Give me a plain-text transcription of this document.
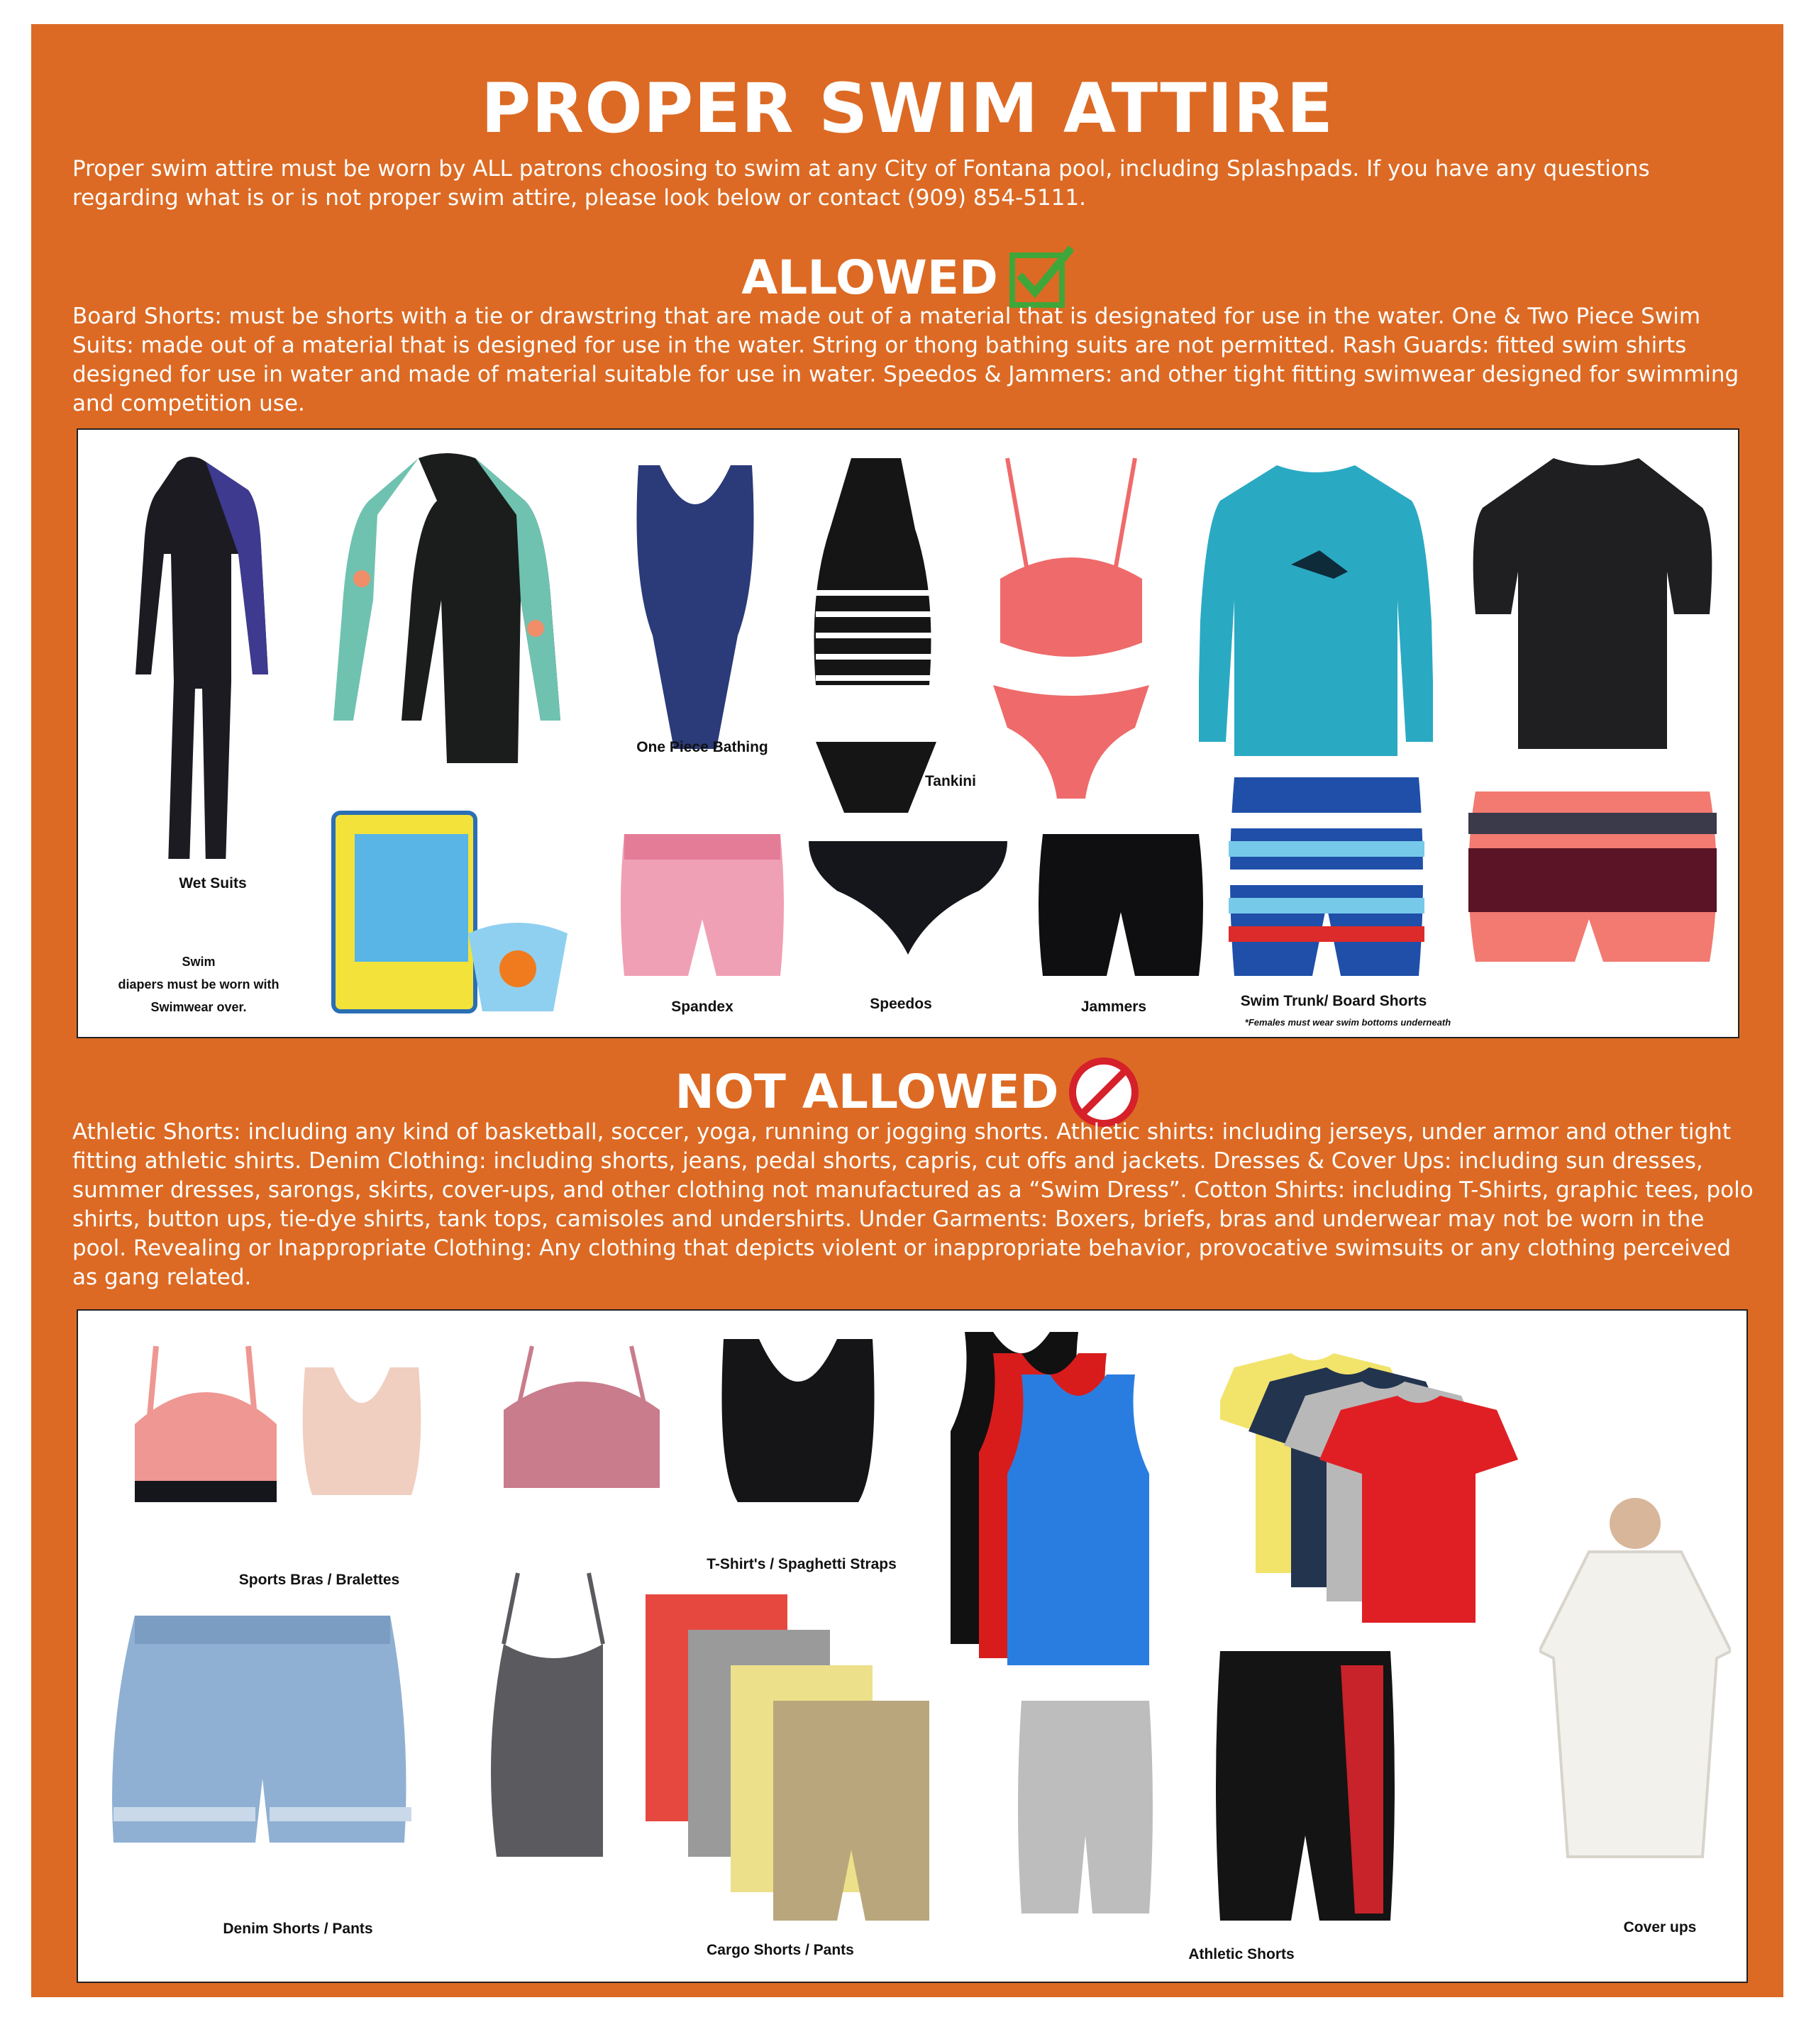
PROPER SWIM ATTIRE
Proper swim attire must be worn by ALL patrons choosing to swim at any City of Fontana pool, including Splashpads. If you have any questions regarding what is or is not proper swim attire, please look below or contact (909) 854-5111.
ALLOWED
Board Shorts: must be shorts with a tie or drawstring that are made out of a material that is designated for use in the water. One & Two Piece Swim Suits: made out of a material that is designed for use in the water. String or thong bathing suits are not permitted. Rash Guards: fitted swim shirts designed for use in water and made of material suitable for use in water. Speedos & Jammers: and other tight fitting swimwear designed for swimming and competition use.
Wet Suits
Swim
diapers must be worn with
Swimwear over.
One Piece Bathing
Tankini
Spandex	Speedos	Jammers	Swim Trunk/ Board Shorts
*Females must wear swim bottoms underneath
NOT ALLOWED
Athletic Shorts: including any kind of basketball, soccer, yoga, running or jogging shorts. Athletic shirts: including jerseys, under armor and other tight fitting athletic shirts. Denim Clothing: including shorts, jeans, pedal shorts, capris, cut offs and jackets. Dresses & Cover Ups: including sun dresses, summer dresses, sarongs, skirts, cover-ups, and other clothing not manufactured as a “Swim Dress”. Cotton Shirts: including T-Shirts, graphic tees, polo shirts, button ups, tie-dye shirts, tank tops, camisoles and undershirts. Under Garments: Boxers, briefs, bras and underwear may not be worn in the pool. Revealing or Inappropriate Clothing: Any clothing that depicts violent or inappropriate behavior, provocative swimsuits or any clothing perceived as gang related.
Sports Bras / Bralettes
T-Shirt's / Spaghetti Straps
Denim Shorts / Pants
Cargo Shorts / Pants	Athletic Shorts
Cover ups
